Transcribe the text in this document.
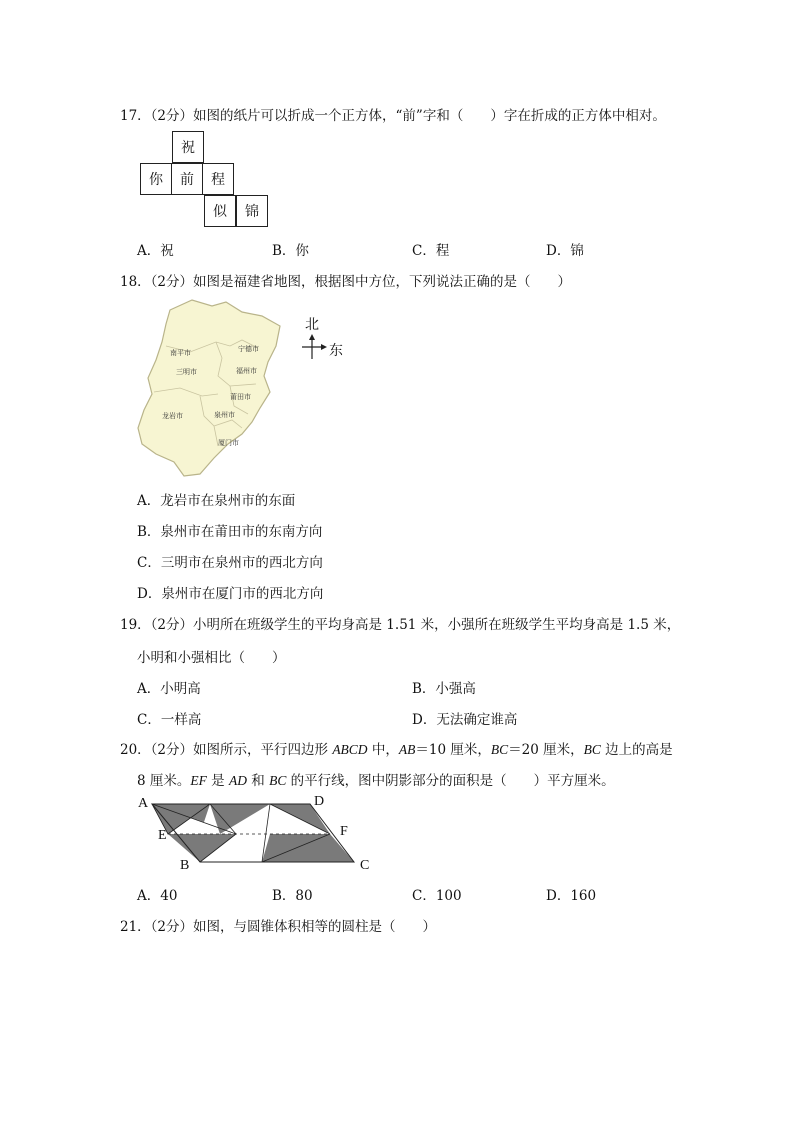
17．（2分）如图的纸片可以折成一个正方体，“前”字和（　　）字在折成的正方体中相对。
祝
你	前	程
似	锦
A．祝	B．你	C．程	D．锦
18．（2分）如图是福建省地图，根据图中方位，下列说法正确的是（　　）
南平市	宁德市
三明市	福州市
莆田市
龙岩市	泉州市
厦门市
北
东
A．龙岩市在泉州市的东面
B．泉州市在莆田市的东南方向
C．三明市在泉州市的西北方向
D．泉州市在厦门市的西北方向
19．（2分）小明所在班级学生的平均身高是 1.51 米，小强所在班级学生平均身高是 1.5 米，
小明和小强相比（　　）
A．小明高	B．小强高
C．一样高	D．无法确定谁高
20．（2分）如图所示，平行四边形 ABCD 中，AB＝10 厘米，BC＝20 厘米，BC 边上的高是
8 厘米。EF 是 AD 和 BC 的平行线，图中阴影部分的面积是（　　）平方厘米。
A	D
E	F
B	C
A．40	B．80	C．100	D．160
21．（2分）如图，与圆锥体积相等的圆柱是（　　）
